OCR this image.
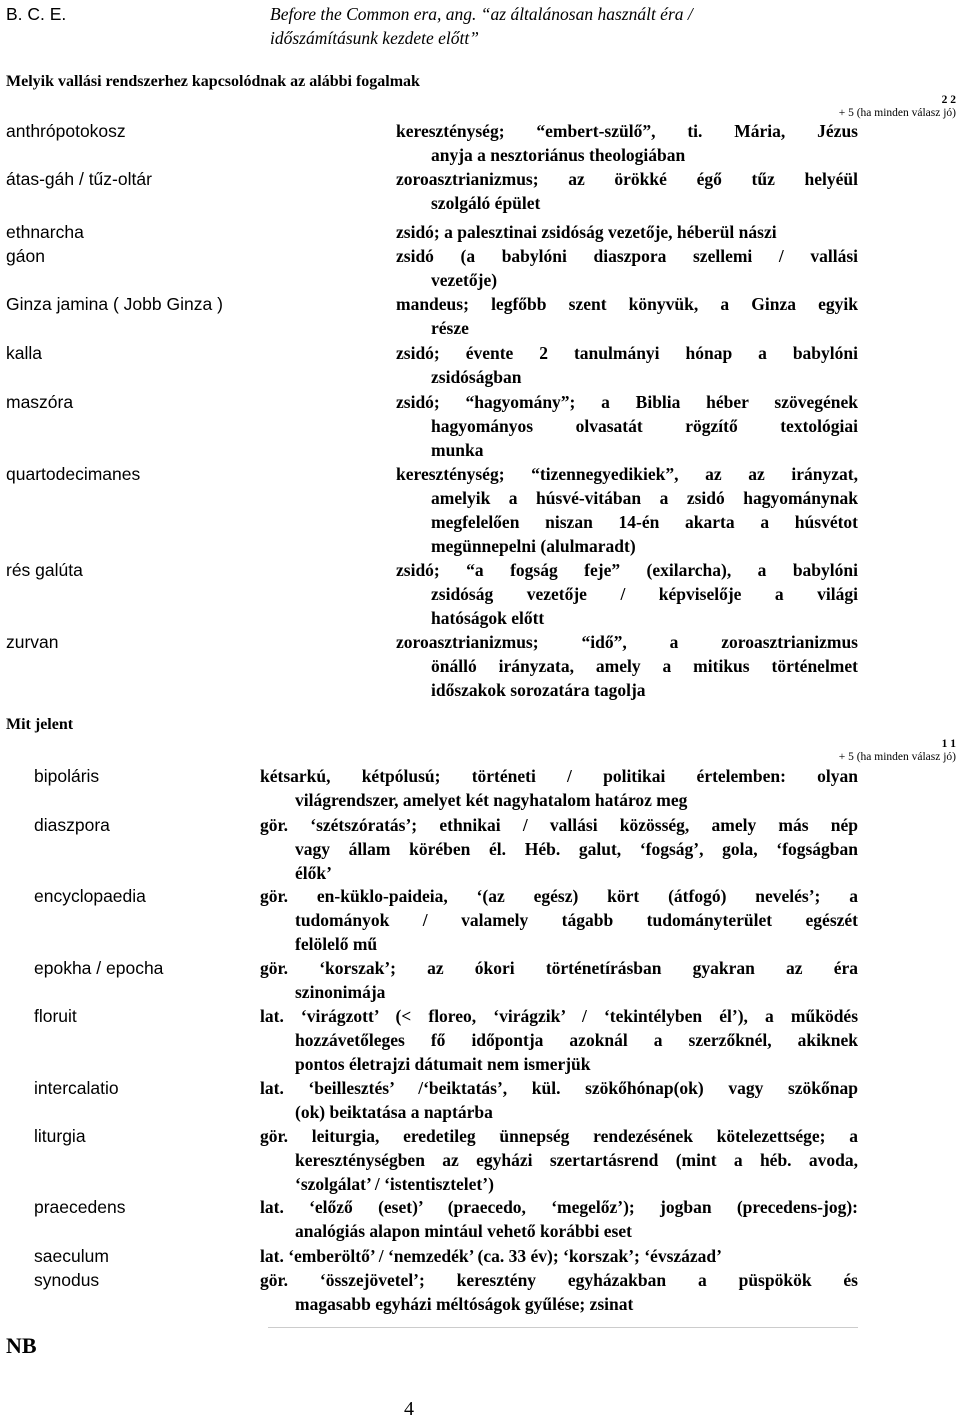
B. C. E.	Before the Common era, ang. “az általánosan használt éra /
időszámításunk kezdete előtt”
Melyik vallási rendszerhez kapcsolódnak az alábbi fogalmak
2 2
+ 5 (ha minden válasz jó)
anthrópotokosz	kereszténység; “embert-szülő”, ti. Mária, Jézus
anyja a nesztoriánus theologiában
átas-gáh / tűz-oltár	zoroasztrianizmus; az örökké égő tűz helyéül
szolgáló épület
ethnarcha	zsidó; a palesztinai zsidóság vezetője, héberül nászi
gáon	zsidó (a babylóni diaszpora szellemi / vallási
vezetője)
Ginza jamina ( Jobb Ginza )	mandeus; legfőbb szent könyvük, a Ginza egyik
része
kalla	zsidó; évente 2 tanulmányi hónap a babylóni
zsidóságban
maszóra	zsidó; “hagyomány”; a Biblia héber szövegének
hagyományos olvasatát rögzítő textológiai
munka
quartodecimanes	kereszténység; “tizennegyedikiek”, az az irányzat,
amelyik a húsvé-vitában a zsidó hagyománynak
megfelelően niszan 14-én akarta a húsvétot
megünnepelni (alulmaradt)
rés galúta	zsidó; “a fogság feje” (exilarcha), a babylóni
zsidóság vezetője / képviselője a világi
hatóságok előtt
zurvan	zoroasztrianizmus; “idő”, a zoroasztrianizmus
önálló irányzata, amely a mitikus történelmet
időszakok sorozatára tagolja
Mit jelent
1 1
+ 5 (ha minden válasz jó)
bipoláris	kétsarkú, kétpólusú; történeti / politikai értelemben: olyan
világrendszer, amelyet két nagyhatalom határoz meg
diaszpora	gör. ‘szétszóratás’; ethnikai / vallási közösség, amely más nép
vagy állam körében él. Héb. galut, ‘fogság’, gola, ‘fogságban
élők’
encyclopaedia	gör. en-küklo-paideia, ‘(az egész) kört (átfogó) nevelés’; a
tudományok / valamely tágabb tudományterület egészét
felölelő mű
epokha / epocha	gör. ‘korszak’; az ókori történetírásban gyakran az éra
szinonimája
floruit	lat. ‘virágzott’ (< floreo, ‘virágzik’ / ‘tekintélyben él’), a működés
hozzávetőleges fő időpontja azoknál a szerzőknél, akiknek
pontos életrajzi dátumait nem ismerjük
intercalatio	lat. ‘beillesztés’ /‘beiktatás’, kül. szökőhónap(ok) vagy szökőnap
(ok) beiktatása a naptárba
liturgia	gör. leiturgia, eredetileg ünnepség rendezésének kötelezettsége; a
kereszténységben az egyházi szertartásrend (mint a héb. avoda,
‘szolgálat’ / ‘istentisztelet’)
praecedens	lat. ‘előző (eset)’ (praecedo, ‘megelőz’); jogban (precedens-jog):
analógiás alapon mintául vehető korábbi eset
saeculum	lat. ‘emberöltő’ / ‘nemzedék’ (ca. 33 év); ‘korszak’; ‘évszázad’
synodus	gör. ‘összejövetel’; keresztény egyházakban a püspökök és
magasabb egyházi méltóságok gyűlése; zsinat
NB
4
